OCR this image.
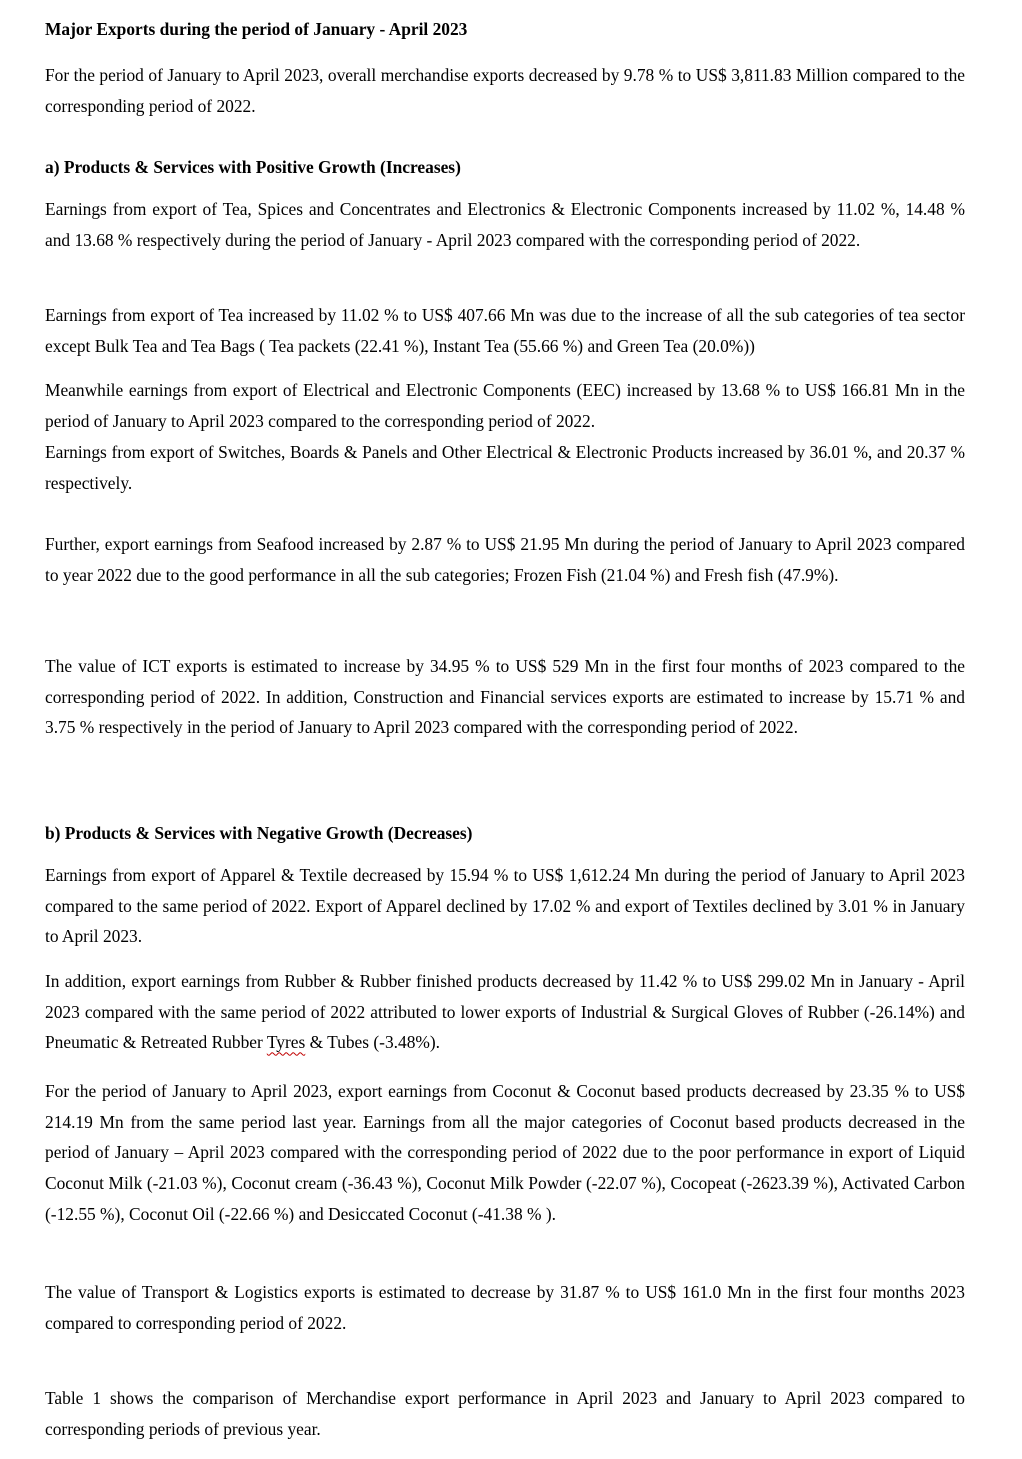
Major Exports during the period of January - April 2023

For the period of January to April 2023, overall merchandise exports decreased by 9.78 % to US$ 3,811.83 Million compared to the corresponding period of 2022.

a) Products & Services with Positive Growth (Increases)

Earnings from export of Tea, Spices and Concentrates and Electronics & Electronic Components increased by 11.02 %, 14.48 % and 13.68 % respectively during the period of January - April 2023 compared with the corresponding period of 2022.

Earnings from export of Tea increased by 11.02 % to US$ 407.66 Mn was due to the increase of all the sub categories of tea sector except Bulk Tea and Tea Bags ( Tea packets (22.41 %), Instant Tea (55.66 %) and Green Tea (20.0%))

Meanwhile earnings from export of Electrical and Electronic Components (EEC) increased by 13.68 % to US$ 166.81 Mn in the period of January to April 2023 compared to the corresponding period of 2022.

Earnings from export of Switches, Boards & Panels and Other Electrical & Electronic Products increased by 36.01 %, and 20.37 % respectively.

Further, export earnings from Seafood increased by 2.87 % to US$ 21.95 Mn during the period of January to April 2023 compared to year 2022 due to the good performance in all the sub categories; Frozen Fish (21.04 %) and Fresh fish (47.9%).

The value of ICT exports is estimated to increase by 34.95 % to US$ 529 Mn in the first four months of 2023 compared to the corresponding period of 2022. In addition, Construction and Financial services exports are estimated to increase by 15.71 % and 3.75 % respectively in the period of January to April 2023 compared with the corresponding period of 2022.

b) Products & Services with Negative Growth (Decreases)

Earnings from export of Apparel & Textile decreased by 15.94 % to US$ 1,612.24 Mn during the period of January to April 2023 compared to the same period of 2022. Export of Apparel declined by 17.02 % and export of Textiles declined by 3.01 % in January to April 2023.

In addition, export earnings from Rubber & Rubber finished products decreased by 11.42 % to US$ 299.02 Mn in January - April 2023 compared with the same period of 2022 attributed to lower exports of Industrial & Surgical Gloves of Rubber (-26.14%) and Pneumatic & Retreated Rubber Tyres & Tubes (-3.48%).

For the period of January to April 2023, export earnings from Coconut & Coconut based products decreased by 23.35 % to US$ 214.19 Mn from the same period last year. Earnings from all the major categories of Coconut based products decreased in the period of January – April 2023 compared with the corresponding period of 2022 due to the poor performance in export of Liquid Coconut Milk (-21.03 %), Coconut cream (-36.43 %), Coconut Milk Powder (-22.07 %), Cocopeat (-2623.39 %), Activated Carbon (-12.55 %), Coconut Oil (-22.66 %) and Desiccated Coconut (-41.38 % ).

The value of Transport & Logistics exports is estimated to decrease by 31.87 % to US$ 161.0 Mn in the first four months 2023 compared to corresponding period of 2022.

Table 1 shows the comparison of Merchandise export performance in April 2023 and January to April 2023 compared to corresponding periods of previous year.
